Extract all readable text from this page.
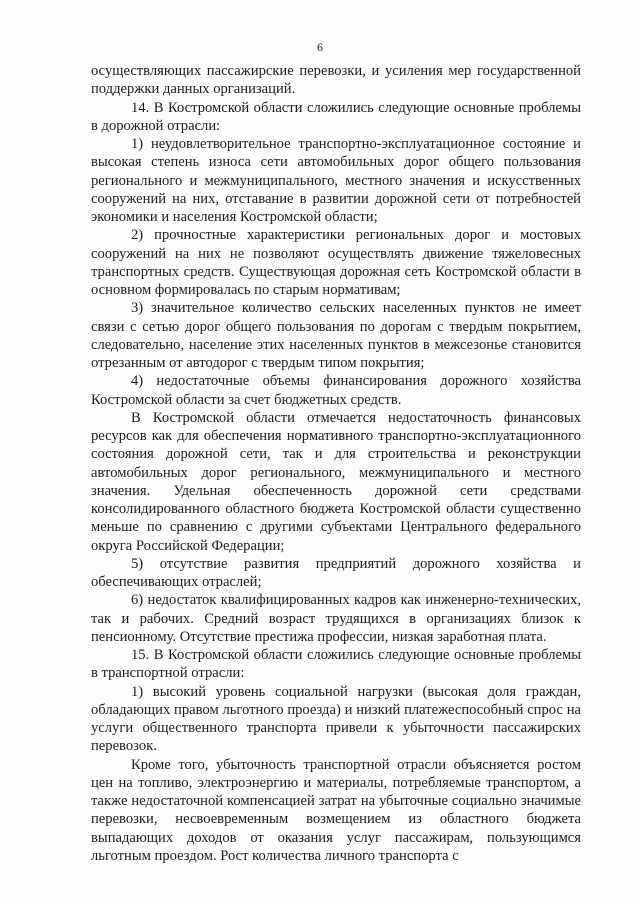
6

осуществляющих пассажирские перевозки, и усиления мер государственной поддержки данных организаций.

14. В Костромской области сложились следующие основные проблемы в дорожной отрасли:

1) неудовлетворительное транспортно-эксплуатационное состояние и высокая степень износа сети автомобильных дорог общего пользования регионального и межмуниципального, местного значения и искусственных сооружений на них, отставание в развитии дорожной сети от потребностей экономики и населения Костромской области;

2) прочностные характеристики региональных дорог и мостовых сооружений на них не позволяют осуществлять движение тяжеловесных транспортных средств. Существующая дорожная сеть Костромской области в основном формировалась по старым нормативам;

3) значительное количество сельских населенных пунктов не имеет связи с сетью дорог общего пользования по дорогам с твердым покрытием, следовательно, население этих населенных пунктов в межсезонье становится отрезанным от автодорог с твердым типом покрытия;

4) недостаточные объемы финансирования дорожного хозяйства Костромской области за счет бюджетных средств.

В Костромской области отмечается недостаточность финансовых ресурсов как для обеспечения нормативного транспортно-эксплуатационного состояния дорожной сети, так и для строительства и реконструкции автомобильных дорог регионального, межмуниципального и местного значения. Удельная обеспеченность дорожной сети средствами консолидированного областного бюджета Костромской области существенно меньше по сравнению с другими субъектами Центрального федерального округа Российской Федерации;

5) отсутствие развития предприятий дорожного хозяйства и обеспечивающих отраслей;

6) недостаток квалифицированных кадров как инженерно-технических, так и рабочих. Средний возраст трудящихся в организациях близок к пенсионному. Отсутствие престижа профессии, низкая заработная плата.

15. В Костромской области сложились следующие основные проблемы в транспортной отрасли:

1) высокий уровень социальной нагрузки (высокая доля граждан, обладающих правом льготного проезда) и низкий платежеспособный спрос на услуги общественного транспорта привели к убыточности пассажирских перевозок.

Кроме того, убыточность транспортной отрасли объясняется ростом цен на топливо, электроэнергию и материалы, потребляемые транспортом, а также недостаточной компенсацией затрат на убыточные социально значимые перевозки, несвоевременным возмещением из областного бюджета выпадающих доходов от оказания услуг пассажирам, пользующимся льготным проездом. Рост количества личного транспорта с
